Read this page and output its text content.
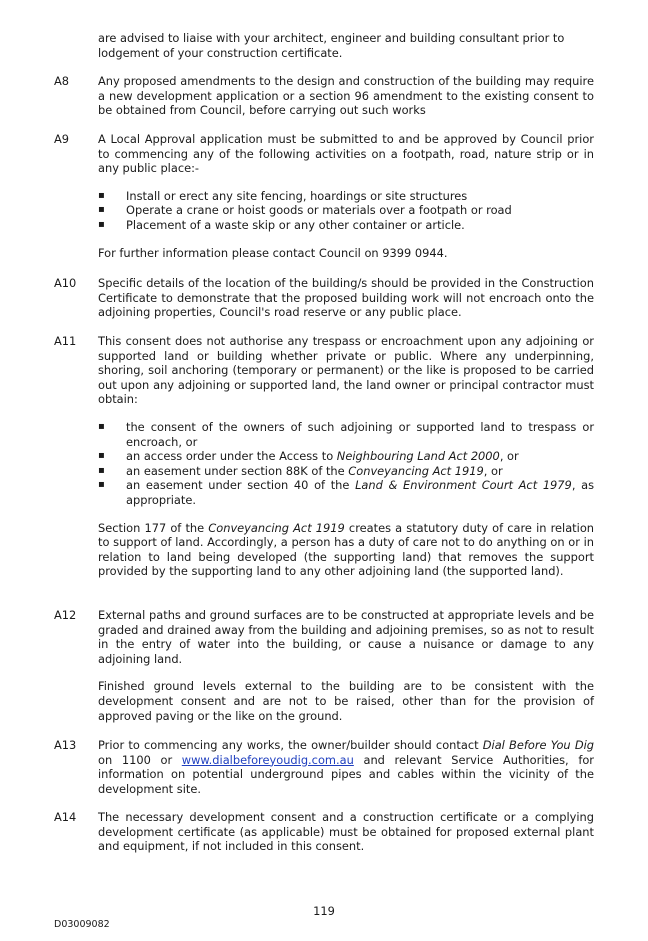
are advised to liaise with your architect, engineer and building consultant prior to

lodgement of your construction certificate.

A8	Any proposed amendments to the design and construction of the building may require a new development application or a section 96 amendment to the existing consent to be obtained from Council, before carrying out such works

A9	A Local Approval application must be submitted to and be approved by Council prior to commencing any of the following activities on a footpath, road, nature strip or in any public place:-

▪ Install or erect any site fencing, hoardings or site structures
▪ Operate a crane or hoist goods or materials over a footpath or road
▪ Placement of a waste skip or any other container or article.

For further information please contact Council on 9399 0944.

A10	Specific details of the location of the building/s should be provided in the Construction Certificate to demonstrate that the proposed building work will not encroach onto the adjoining properties, Council's road reserve or any public place.

A11	This consent does not authorise any trespass or encroachment upon any adjoining or supported land or building whether private or public. Where any underpinning, shoring, soil anchoring (temporary or permanent) or the like is proposed to be carried out upon any adjoining or supported land, the land owner or principal contractor must obtain:

▪ the consent of the owners of such adjoining or supported land to trespass or encroach, or
▪ an access order under the Access to Neighbouring Land Act 2000, or
▪ an easement under section 88K of the Conveyancing Act 1919, or
▪ an easement under section 40 of the Land & Environment Court Act 1979, as appropriate.

Section 177 of the Conveyancing Act 1919 creates a statutory duty of care in relation to support of land. Accordingly, a person has a duty of care not to do anything on or in relation to land being developed (the supporting land) that removes the support provided by the supporting land to any other adjoining land (the supported land).

A12	External paths and ground surfaces are to be constructed at appropriate levels and be graded and drained away from the building and adjoining premises, so as not to result in the entry of water into the building, or cause a nuisance or damage to any adjoining land.

Finished ground levels external to the building are to be consistent with the development consent and are not to be raised, other than for the provision of approved paving or the like on the ground.

A13	Prior to commencing any works, the owner/builder should contact Dial Before You Dig on 1100 or www.dialbeforeyoudig.com.au and relevant Service Authorities, for information on potential underground pipes and cables within the vicinity of the development site.

A14	The necessary development consent and a construction certificate or a complying development certificate (as applicable) must be obtained for proposed external plant and equipment, if not included in this consent.

119
D03009082
